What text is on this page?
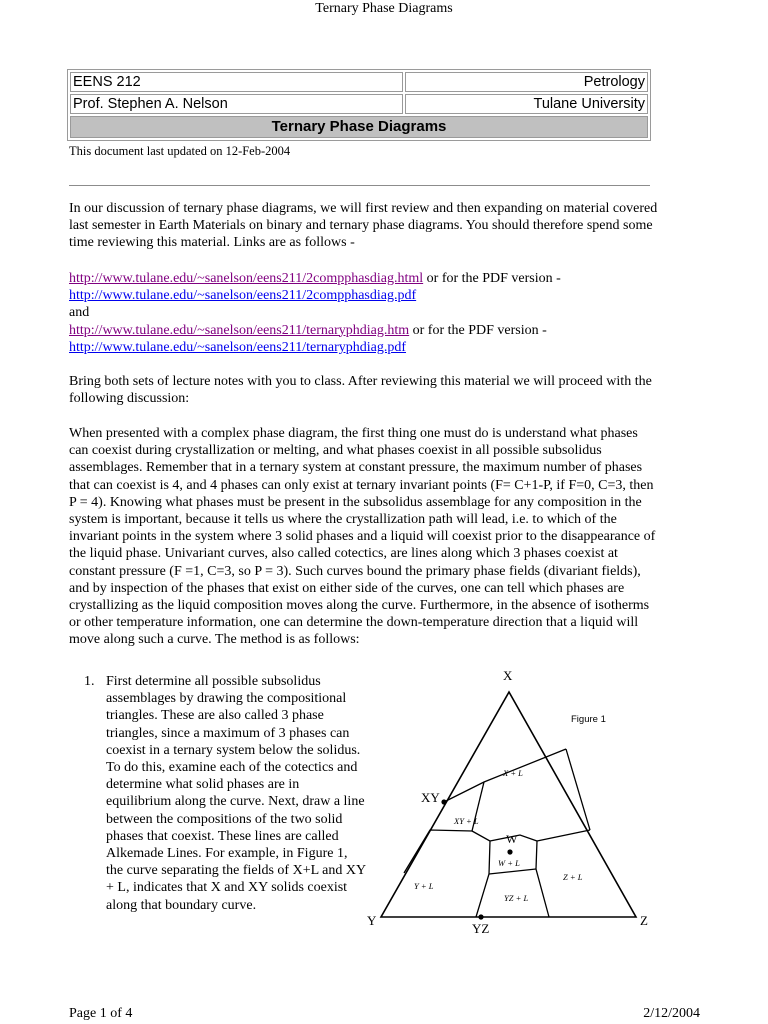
Ternary Phase Diagrams
EENS 212	Petrology
Prof. Stephen A. Nelson	Tulane University
Ternary Phase Diagrams	
This document last updated on 12-Feb-2004

In our discussion of ternary phase diagrams, we will first review and then expanding on material covered last semester in Earth Materials on binary and ternary phase diagrams. You should therefore spend some time reviewing this material. Links are as follows -

http://www.tulane.edu/~sanelson/eens211/2compphasdiag.html or for the PDF version -
http://www.tulane.edu/~sanelson/eens211/2compphasdiag.pdf
and
http://www.tulane.edu/~sanelson/eens211/ternaryphdiag.htm or for the PDF version -
http://www.tulane.edu/~sanelson/eens211/ternaryphdiag.pdf

Bring both sets of lecture notes with you to class. After reviewing this material we will proceed with the following discussion:

When presented with a complex phase diagram, the first thing one must do is understand what phases can coexist during crystallization or melting, and what phases coexist in all possible subsolidus assemblages. Remember that in a ternary system at constant pressure, the maximum number of phases that can coexist is 4, and 4 phases can only exist at ternary invariant points (F= C+1-P, if F=0, C=3, then P = 4). Knowing what phases must be present in the subsolidus assemblage for any composition in the system is important, because it tells us where the crystallization path will lead, i.e. to which of the invariant points in the system where 3 solid phases and a liquid will coexist prior to the disappearance of the liquid phase. Univariant curves, also called cotectics, are lines along which 3 phases coexist at constant pressure (F =1, C=3, so P = 3). Such curves bound the primary phase fields (divariant fields), and by inspection of the phases that exist on either side of the curves, one can tell which phases are crystallizing as the liquid composition moves along the curve. Furthermore, in the absence of isotherms or other temperature information, one can determine the down-temperature direction that a liquid will move along such a curve. The method is as follows:

1. First determine all possible subsolidus assemblages by drawing the compositional triangles. These are also called 3 phase triangles, since a maximum of 3 phases can coexist in a ternary system below the solidus. To do this, examine each of the cotectics and determine what solid phases are in equilibrium along the curve. Next, draw a line between the compositions of the two solid phases that coexist. These lines are called Alkemade Lines. For example, in Figure 1, the curve separating the fields of X+L and XY + L, indicates that X and XY solids coexist along that boundary curve.
Figure 1
X
Y	Z
XY
W
YZ
X + L
XY + L
W + L
Y + L
YZ + L
Z + L
Page 1 of 4	2/12/2004
